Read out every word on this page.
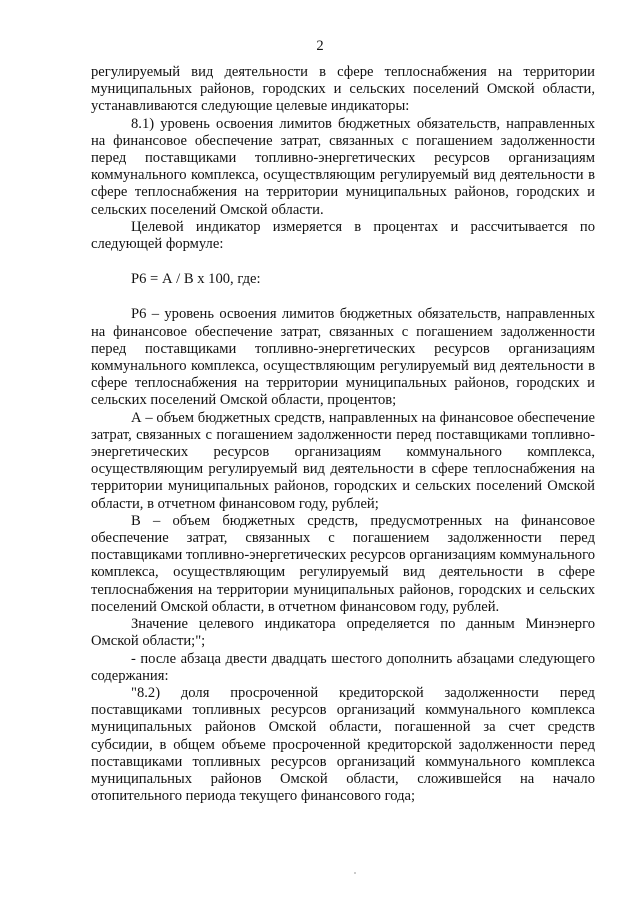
2

регулируемый вид деятельности в сфере теплоснабжения на территории муниципальных районов, городских и сельских поселений Омской области, устанавливаются следующие целевые индикаторы:

8.1) уровень освоения лимитов бюджетных обязательств, направленных на финансовое обеспечение затрат, связанных с погашением задолженности перед поставщиками топливно-энергетических ресурсов организациям коммунального комплекса, осуществляющим регулируемый вид деятельности в сфере теплоснабжения на территории муниципальных районов, городских и сельских поселений Омской области.

Целевой индикатор измеряется в процентах и рассчитывается по следующей формуле:

Р6 = А / В х 100, где:

Р6 – уровень освоения лимитов бюджетных обязательств, направленных на финансовое обеспечение затрат, связанных с погашением задолженности перед поставщиками топливно-энергетических ресурсов организациям коммунального комплекса, осуществляющим регулируемый вид деятельности в сфере теплоснабжения на территории муниципальных районов, городских и сельских поселений Омской области, процентов;

А – объем бюджетных средств, направленных на финансовое обеспечение затрат, связанных с погашением задолженности перед поставщиками топливно-энергетических ресурсов организациям коммунального комплекса, осуществляющим регулируемый вид деятельности в сфере теплоснабжения на территории муниципальных районов, городских и сельских поселений Омской области, в отчетном финансовом году, рублей;

В – объем бюджетных средств, предусмотренных на финансовое обеспечение затрат, связанных с погашением задолженности перед поставщиками топливно-энергетических ресурсов организациям коммунального комплекса, осуществляющим регулируемый вид деятельности в сфере теплоснабжения на территории муниципальных районов, городских и сельских поселений Омской области, в отчетном финансовом году, рублей.

Значение целевого индикатора определяется по данным Минэнерго Омской области;";

- после абзаца двести двадцать шестого дополнить абзацами следующего содержания:

"8.2) доля просроченной кредиторской задолженности перед поставщиками топливных ресурсов организаций коммунального комплекса муниципальных районов Омской области, погашенной за счет средств субсидии, в общем объеме просроченной кредиторской задолженности перед поставщиками топливных ресурсов организаций коммунального комплекса муниципальных районов Омской области, сложившейся на начало отопительного периода текущего финансового года;
